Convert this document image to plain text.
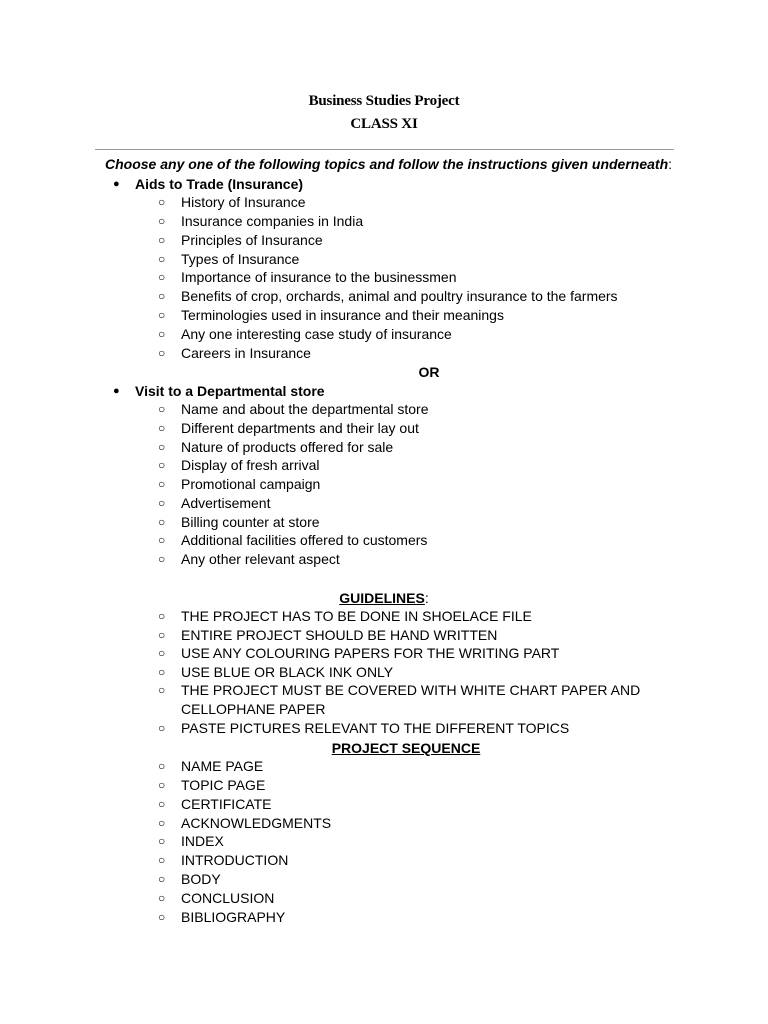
Business Studies Project
CLASS XI
Choose any one of the following topics and follow the instructions given underneath:
● Aids to Trade (Insurance)
○ History of Insurance
○ Insurance companies in India
○ Principles of Insurance
○ Types of Insurance
○ Importance of insurance to the businessmen
○ Benefits of crop, orchards, animal and poultry insurance to the farmers
○ Terminologies used in insurance and their meanings
○ Any one interesting case study of insurance
○ Careers in Insurance
OR
● Visit to a Departmental store
○ Name and about the departmental store
○ Different departments and their lay out
○ Nature of products offered for sale
○ Display of fresh arrival
○ Promotional campaign
○ Advertisement
○ Billing counter at store
○ Additional facilities offered to customers
○ Any other relevant aspect
GUIDELINES:
○ THE PROJECT HAS TO BE DONE IN SHOELACE FILE
○ ENTIRE PROJECT SHOULD BE HAND WRITTEN
○ USE ANY COLOURING PAPERS FOR THE WRITING PART
○ USE BLUE OR BLACK INK ONLY
○ THE PROJECT MUST BE COVERED WITH WHITE CHART PAPER AND
CELLOPHANE PAPER
○ PASTE PICTURES RELEVANT TO THE DIFFERENT TOPICS
PROJECT SEQUENCE
○ NAME PAGE
○ TOPIC PAGE
○ CERTIFICATE
○ ACKNOWLEDGMENTS
○ INDEX
○ INTRODUCTION
○ BODY
○ CONCLUSION
○ BIBLIOGRAPHY
